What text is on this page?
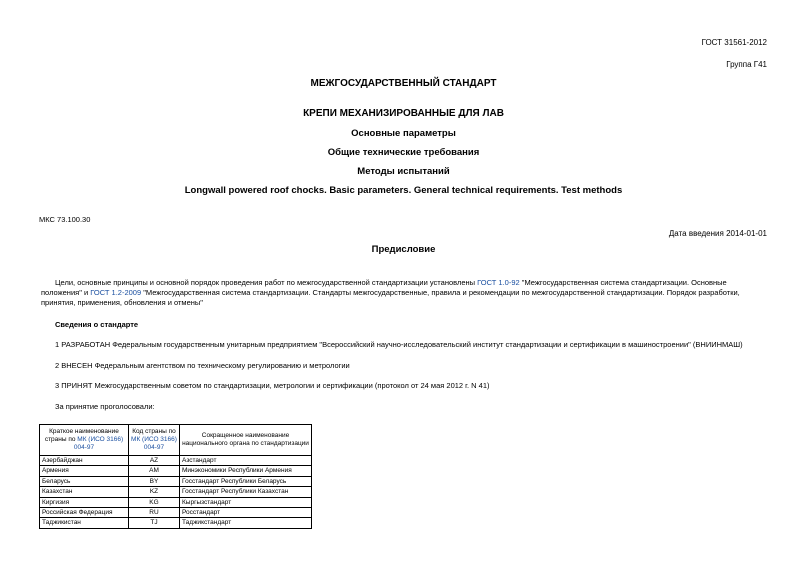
ГОСТ 31561-2012
Группа Г41
МЕЖГОСУДАРСТВЕННЫЙ СТАНДАРТ
КРЕПИ МЕХАНИЗИРОВАННЫЕ ДЛЯ ЛАВ
Основные параметры
Общие технические требования
Методы испытаний
Longwall powered roof chocks. Basic parameters. General technical requirements. Test methods
МКС 73.100.30
Дата введения 2014-01-01
Предисловие
Цели, основные принципы и основной порядок проведения работ по межгосударственной стандартизации установлены ГОСТ 1.0-92 "Межгосударственная система стандартизации. Основные положения" и ГОСТ 1.2-2009 "Межгосударственная система стандартизации. Стандарты межгосударственные, правила и рекомендации по межгосударственной стандартизации. Порядок разработки, принятия, применения, обновления и отмены"
Сведения о стандарте
1 РАЗРАБОТАН Федеральным государственным унитарным предприятием "Всероссийский научно-исследовательский институт стандартизации и сертификации в машиностроении" (ВНИИНМАШ)
2 ВНЕСЕН Федеральным агентством по техническому регулированию и метрологии
3 ПРИНЯТ Межгосударственным советом по стандартизации, метрологии и сертификации (протокол от 24 мая 2012 г. N 41)
За принятие проголосовали:
Краткое наименование страны по МК (ИСО 3166) 004-97	Код страны по МК (ИСО 3166) 004-97	Сокращенное наименование национального органа по стандартизации
Азербайджан	AZ	Азстандарт
Армения	AM	Минэкономики Республики Армения
Беларусь	BY	Госстандарт Республики Беларусь
Казахстан	KZ	Госстандарт Республики Казахстан
Киргизия	KG	Кыргызстандарт
Российская Федерация	RU	Росстандарт
Таджикистан	TJ	Таджикстандарт
